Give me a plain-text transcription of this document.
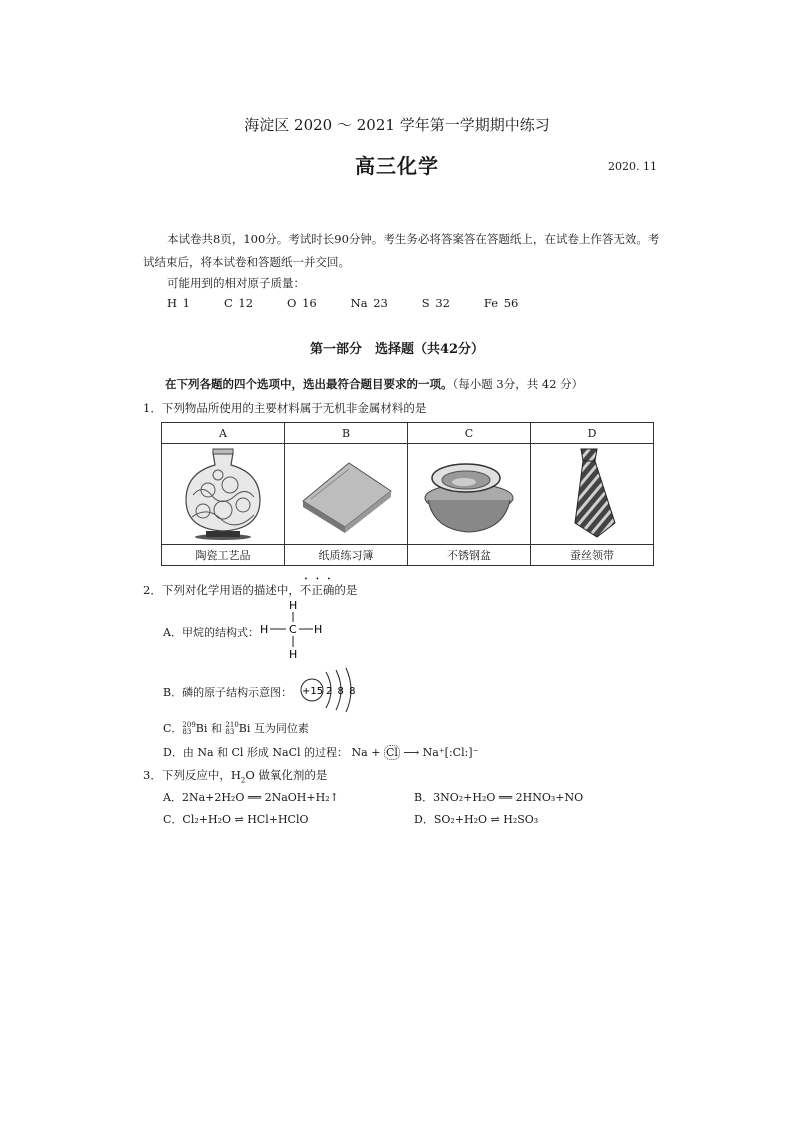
海淀区 2020 ～ 2021 学年第一学期期中练习
高三化学	2020. 11
本试卷共8页，100分。考试时长90分钟。考生务必将答案答在答题纸上，在试卷上作答无效。考试结束后，将本试卷和答题纸一并交回。
可能用到的相对原子质量：
H 1	C 12	O 16	Na 23	S 32	Fe 56
第一部分　选择题（共42分）
在下列各题的四个选项中，选出最符合题目要求的一项。（每小题 3分，共 42 分）
1．下列物品所使用的主要材料属于无机非金属材料的是
A	B	C	D

陶瓷工艺品	纸质练习簿	不锈钢盆	蚕丝领带
2．下列对化学用语的描述中，不正确的是
A．甲烷的结构式：
H
H C H
H
B．磷的原子结构示意图： +15 2 8 8
C． 209
83 Bi 和 210
83 Bi 互为同位素
D．由 Na 和 Cl 形成 NaCl 的过程： Na + Cl ⟶ Na⁺[:Cl:]⁻
3．下列反应中，$H_2O$ 做氧化剂的是
A．2Na+2H₂O ══ 2NaOH+H₂↑	B．3NO₂+H₂O ══ 2HNO₃+NO
C．Cl₂+H₂O ⇌ HCl+HClO	D．SO₂+H₂O ⇌ H₂SO₃
